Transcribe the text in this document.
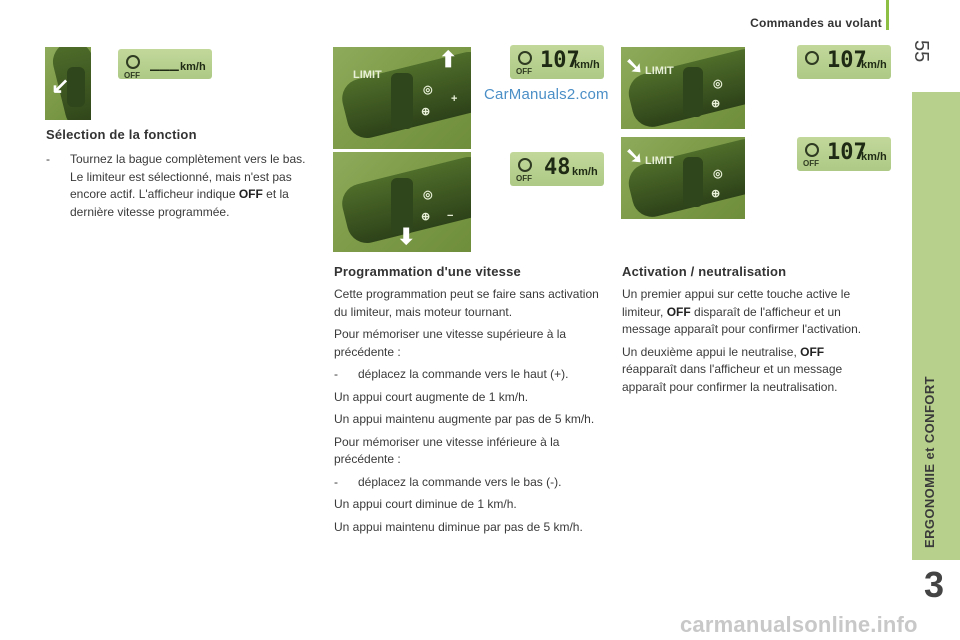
Commandes au volant
55
ERGONOMIE et CONFORT
3
↙	OFF
___ km/h
LIMIT
◎
⊕
+
⬆	OFF 107
km/h
CarManuals2.com
◎
⊕ −
⬇
OFF 48 km/h
LIMIT
◎
⊕
➘	107
km/h
LIMIT
◎
⊕
➘	OFF 107
km/h
Sélection de la fonction
-	Tournez la bague complètement vers le bas. Le limiteur est sélectionné, mais n'est pas encore actif. L'afficheur indique OFF et la dernière vitesse programmée.
Programmation d'une vitesse

Cette programmation peut se faire sans activation du limiteur, mais moteur tournant.

Pour mémoriser une vitesse supérieure à la précédente :

-	déplacez la commande vers le haut (+).

Un appui court augmente de 1 km/h.

Un appui maintenu augmente par pas de 5 km/h.

Pour mémoriser une vitesse inférieure à la précédente :

-	déplacez la commande vers le bas (-).

Un appui court diminue de 1 km/h.

Un appui maintenu diminue par pas de 5 km/h.

Activation / neutralisation

Un premier appui sur cette touche active le limiteur, OFF disparaît de l'afficheur et un message apparaît pour confirmer l'activation.

Un deuxième appui le neutralise, OFF réapparaît dans l'afficheur et un message apparaît pour confirmer la neutralisation.

carmanualsonline.info
